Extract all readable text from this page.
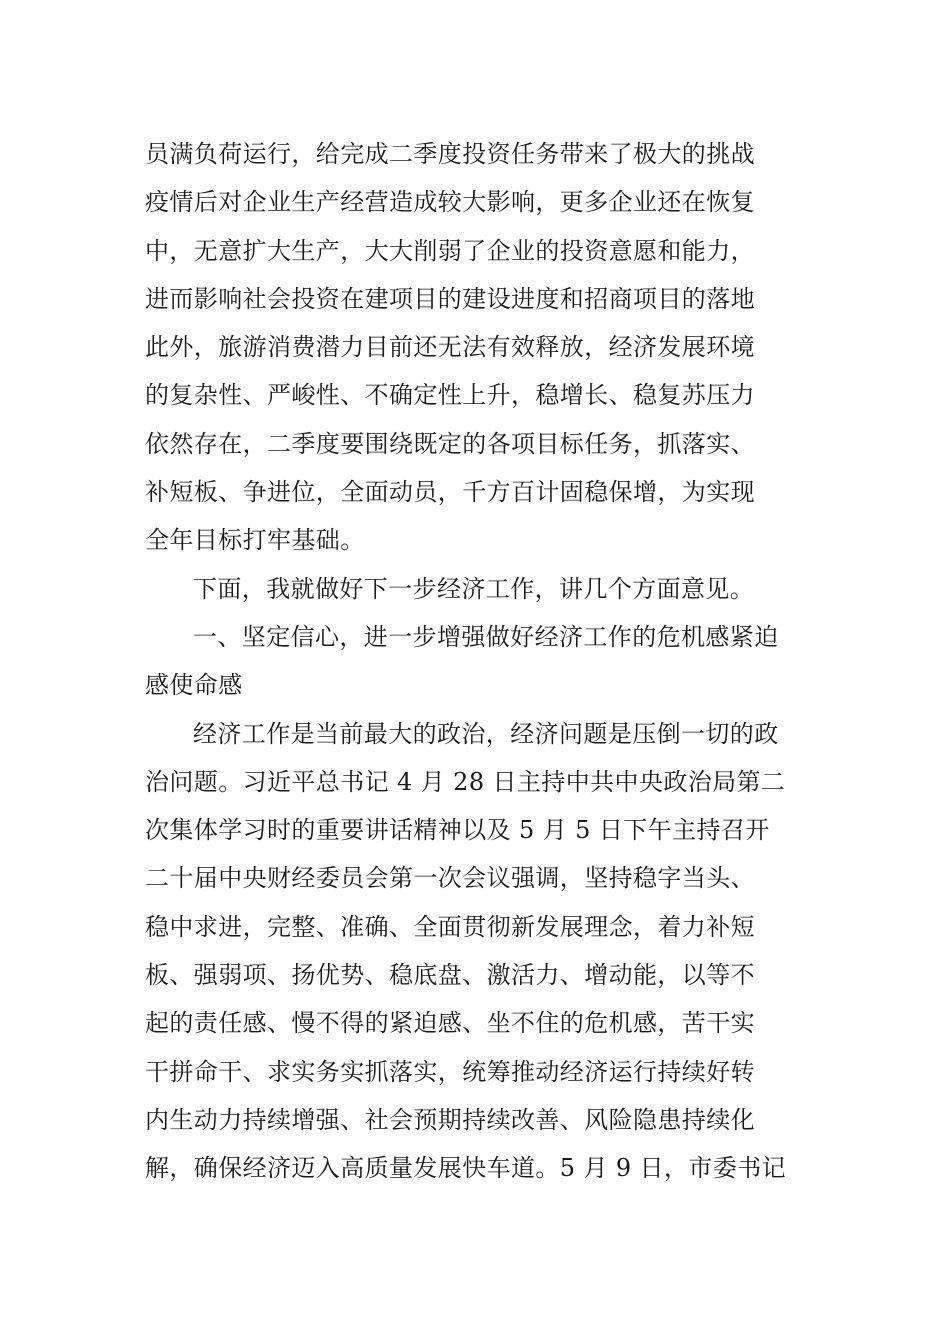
员满负荷运行，给完成二季度投资任务带来了极大的挑战
疫情后对企业生产经营造成较大影响，更多企业还在恢复
中，无意扩大生产，大大削弱了企业的投资意愿和能力，
进而影响社会投资在建项目的建设进度和招商项目的落地
此外，旅游消费潜力目前还无法有效释放，经济发展环境
的复杂性、严峻性、不确定性上升，稳增长、稳复苏压力
依然存在，二季度要围绕既定的各项目标任务，抓落实、
补短板、争进位，全面动员，千方百计固稳保增，为实现
全年目标打牢基础。
下面，我就做好下一步经济工作，讲几个方面意见。
一、坚定信心，进一步增强做好经济工作的危机感紧迫
感使命感
经济工作是当前最大的政治，经济问题是压倒一切的政
治问题。习近平总书记 4 月 28 日主持中共中央政治局第二
次集体学习时的重要讲话精神以及 5 月 5 日下午主持召开
二十届中央财经委员会第一次会议强调，坚持稳字当头、
稳中求进，完整、准确、全面贯彻新发展理念，着力补短
板、强弱项、扬优势、稳底盘、激活力、增动能，以等不
起的责任感、慢不得的紧迫感、坐不住的危机感，苦干实
干拼命干、求实务实抓落实，统筹推动经济运行持续好转
内生动力持续增强、社会预期持续改善、风险隐患持续化
解，确保经济迈入高质量发展快车道。5 月 9 日，市委书记
